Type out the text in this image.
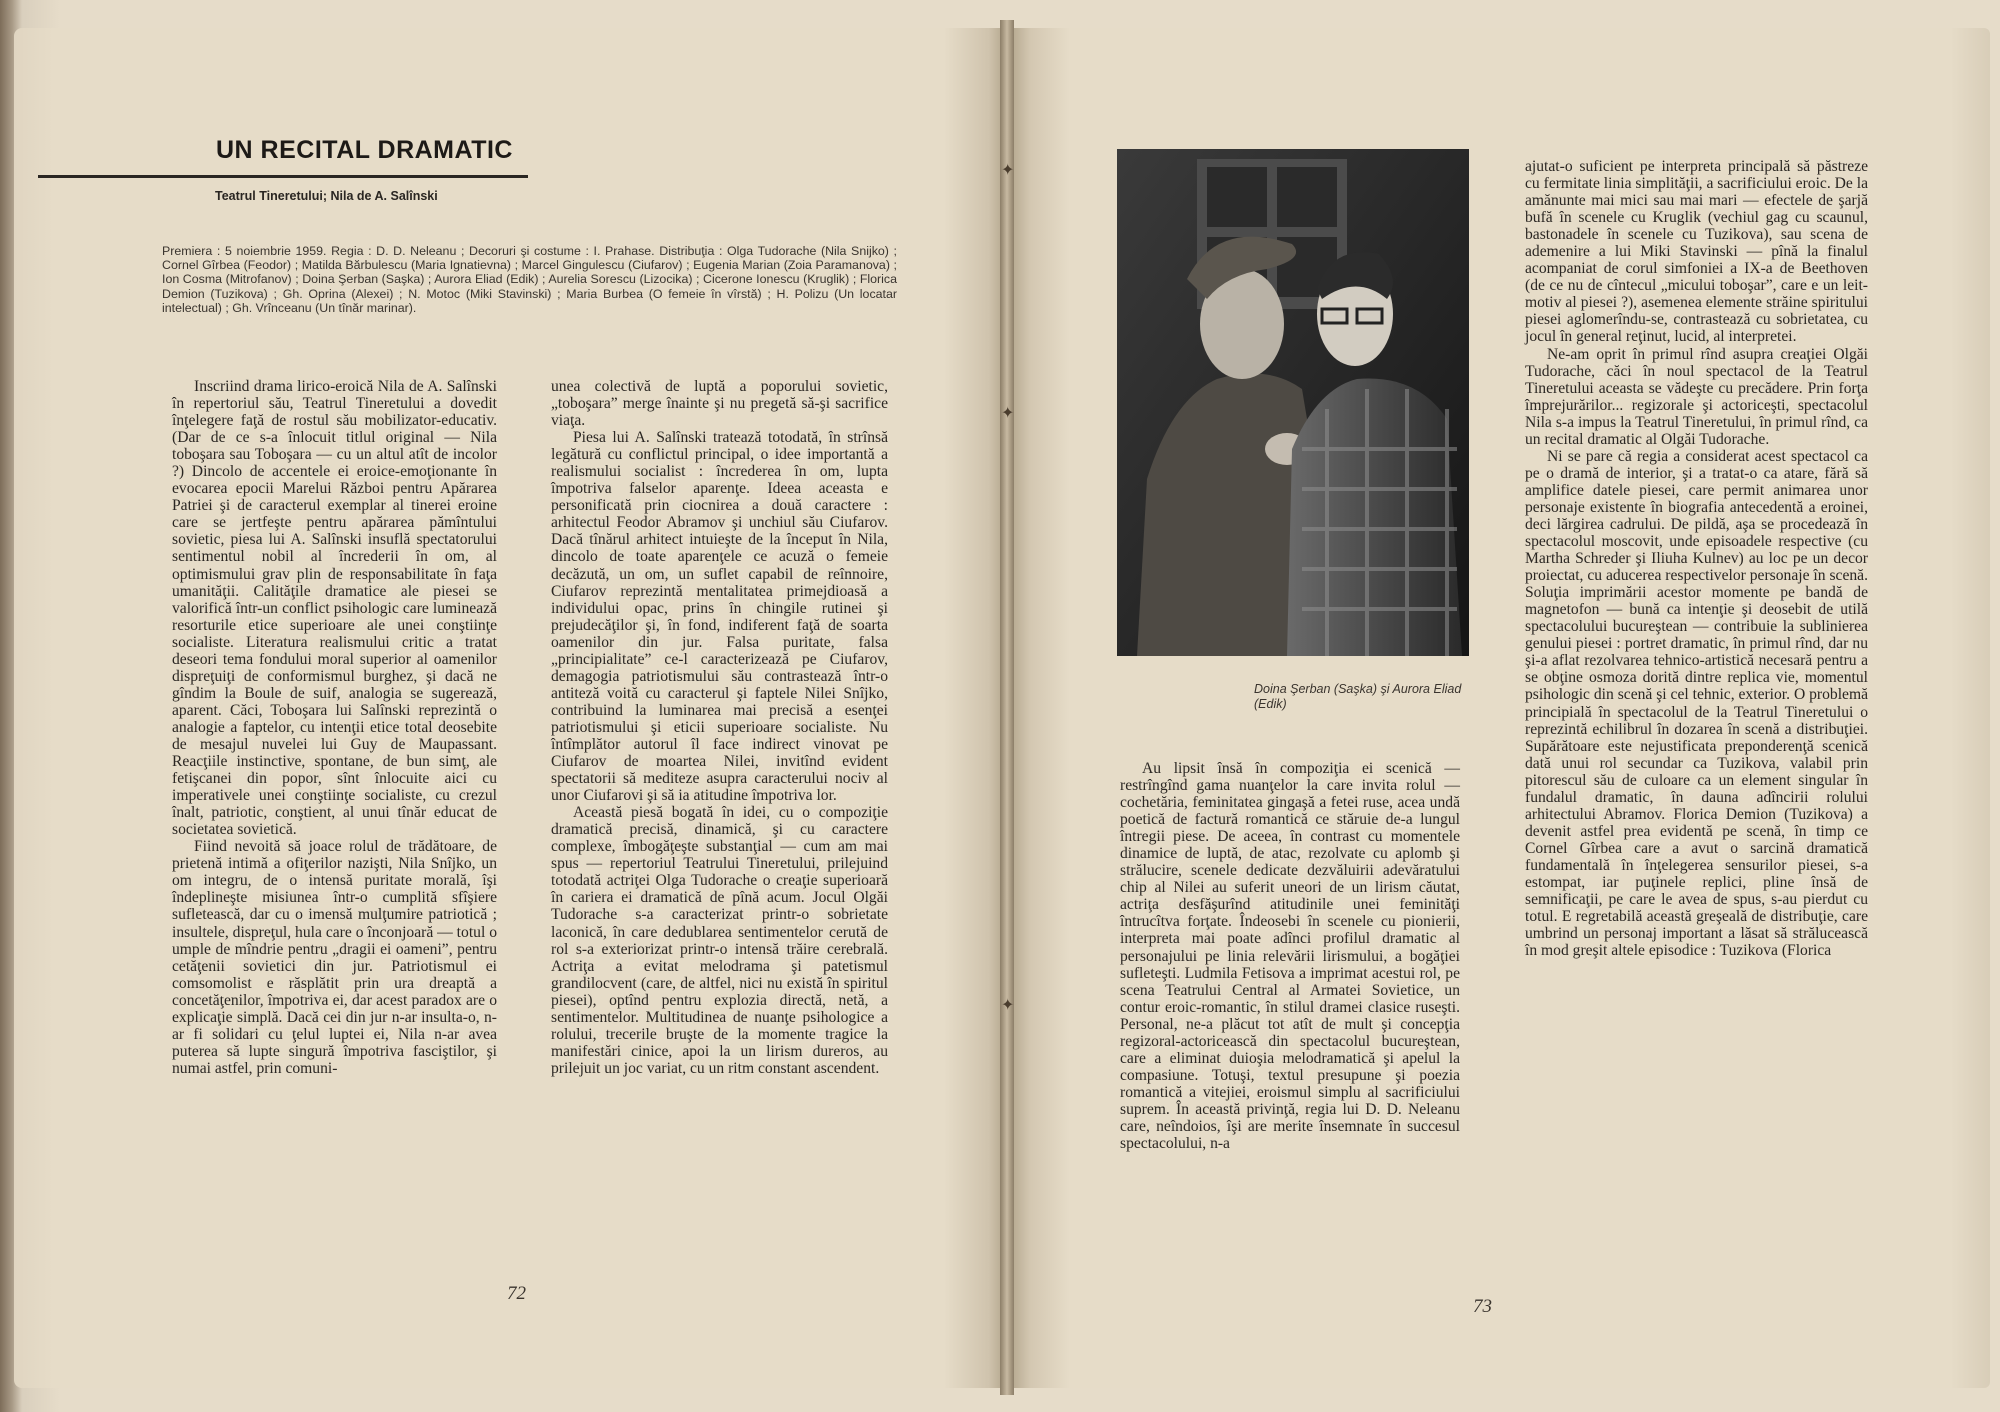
✦
✦
✦
UN RECITAL DRAMATIC
Teatrul Tineretului; Nila de A. Salînski
Premiera : 5 noiembrie 1959. Regia : D. D. Neleanu ; Decoruri şi costume : I. Prahase. Distribuţia : Olga Tudorache (Nila Snijko) ; Cornel Gîrbea (Feodor) ; Matilda Bărbulescu (Maria Ignatievna) ; Marcel Gingulescu (Ciufarov) ; Eugenia Marian (Zoia Paramanova) ; Ion Cosma (Mitrofanov) ; Doina Şerban (Saşka) ; Aurora Eliad (Edik) ; Aurelia Sorescu (Lizocika) ; Cicerone Ionescu (Kruglik) ; Florica Demion (Tuzikova) ; Gh. Oprina (Alexei) ; N. Motoc (Miki Stavinski) ; Maria Burbea (O femeie în vîrstă) ; H. Polizu (Un locatar intelectual) ; Gh. Vrînceanu (Un tînăr marinar).

Inscriind drama lirico-eroică Nila de A. Salînski în repertoriul său, Teatrul Tineretului a dovedit înţelegere faţă de rostul său mobilizator-educativ. (Dar de ce s-a înlocuit titlul original — Nila toboşara sau Toboşara — cu un altul atît de incolor ?) Dincolo de accentele ei eroice-emoţionante în evocarea epocii Marelui Război pentru Apărarea Patriei şi de caracterul exemplar al tinerei eroine care se jertfeşte pentru apărarea pămîntului sovietic, piesa lui A. Salînski insuflă spectatorului sentimentul nobil al încrederii în om, al optimismului grav plin de responsabilitate în faţa umanităţii. Calităţile dramatice ale piesei se valorifică într-un conflict psihologic care luminează resorturile etice superioare ale unei conştiinţe socialiste. Literatura realismului critic a tratat deseori tema fondului moral superior al oamenilor dispreţuiţi de conformismul burghez, şi dacă ne gîndim la Boule de suif, analogia se sugerează, aparent. Căci, Toboşara lui Salînski reprezintă o analogie a faptelor, cu intenţii etice total deosebite de mesajul nuvelei lui Guy de Maupassant. Reacţiile instinctive, spontane, de bun simţ, ale fetişcanei din popor, sînt înlocuite aici cu imperativele unei conştiinţe socialiste, cu crezul înalt, patriotic, conştient, al unui tînăr educat de societatea sovietică.

Fiind nevoită să joace rolul de trădătoare, de prietenă intimă a ofiţerilor nazişti, Nila Snîjko, un om integru, de o intensă puritate morală, îşi îndeplineşte misiunea într-o cumplită sfîşiere sufletească, dar cu o imensă mulţumire patriotică ; insultele, dispreţul, hula care o înconjoară — totul o umple de mîndrie pentru „dragii ei oameni”, pentru cetăţenii sovietici din jur. Patriotismul ei comsomolist e răsplătit prin ura dreaptă a concetăţenilor, împotriva ei, dar acest paradox are o explicaţie simplă. Dacă cei din jur n-ar insulta-o, n-ar fi solidari cu ţelul luptei ei, Nila n-ar avea puterea să lupte singură împotriva fasciştilor, şi numai astfel, prin comuni-

unea colectivă de luptă a poporului sovietic, „toboşara” merge înainte şi nu pregetă să-şi sacrifice viaţa.

Piesa lui A. Salînski tratează totodată, în strînsă legătură cu conflictul principal, o idee importantă a realismului socialist : încrederea în om, lupta împotriva falselor aparenţe. Ideea aceasta e personificată prin ciocnirea a două caractere : arhitectul Feodor Abramov şi unchiul său Ciufarov. Dacă tînărul arhitect intuieşte de la început în Nila, dincolo de toate aparenţele ce acuză o femeie decăzută, un om, un suflet capabil de reînnoire, Ciufarov reprezintă mentalitatea primejdioasă a individului opac, prins în chingile rutinei şi prejudecăţilor şi, în fond, indiferent faţă de soarta oamenilor din jur. Falsa puritate, falsa „principialitate” ce-l caracterizează pe Ciufarov, demagogia patriotismului său contrastează într-o antiteză voită cu caracterul şi faptele Nilei Snîjko, contribuind la luminarea mai precisă a esenţei patriotismului şi eticii superioare socialiste. Nu întîmplător autorul îl face indirect vinovat pe Ciufarov de moartea Nilei, invitînd evident spectatorii să mediteze asupra caracterului nociv al unor Ciufarovi şi să ia atitudine împotriva lor.

Această piesă bogată în idei, cu o compoziţie dramatică precisă, dinamică, şi cu caractere complexe, îmbogăţeşte substanţial — cum am mai spus — repertoriul Teatrului Tineretului, prilejuind totodată actriţei Olga Tudorache o creaţie superioară în cariera ei dramatică de pînă acum. Jocul Olgăi Tudorache s-a caracterizat printr-o sobrietate laconică, în care dedublarea sentimentelor cerută de rol s-a exteriorizat printr-o intensă trăire cerebrală. Actriţa a evitat melodrama şi patetismul grandilocvent (care, de altfel, nici nu există în spiritul piesei), optînd pentru explozia directă, netă, a sentimentelor. Multitudinea de nuanţe psihologice a rolului, trecerile bruşte de la momente tragice la manifestări cinice, apoi la un lirism dureros, au prilejuit un joc variat, cu un ritm constant ascendent.

72
Doina Şerban (Saşka) şi Aurora Eliad (Edik)

Au lipsit însă în compoziţia ei scenică — restrîngînd gama nuanţelor la care invita rolul — cochetăria, feminitatea gingaşă a fetei ruse, acea undă poetică de factură romantică ce stăruie de-a lungul întregii piese. De aceea, în contrast cu momentele dinamice de luptă, de atac, rezolvate cu aplomb şi strălucire, scenele dedicate dezvăluirii adevăratului chip al Nilei au suferit uneori de un lirism căutat, actriţa desfăşurînd atitudinile unei feminităţi întrucîtva forţate. Îndeosebi în scenele cu pionierii, interpreta mai poate adînci profilul dramatic al personajului pe linia relevării lirismului, a bogăţiei sufleteşti. Ludmila Fetisova a imprimat acestui rol, pe scena Teatrului Central al Armatei Sovietice, un contur eroic-romantic, în stilul dramei clasice ruseşti. Personal, ne-a plăcut tot atît de mult şi concepţia regizoral-actoricească din spectacolul bucureştean, care a eliminat duioşia melodramatică şi apelul la compasiune. Totuşi, textul presupune şi poezia romantică a vitejiei, eroismul simplu al sacrificiului suprem. În această privinţă, regia lui D. D. Neleanu care, neîndoios, îşi are merite însemnate în succesul spectacolului, n-a

ajutat-o suficient pe interpreta principală să păstreze cu fermitate linia simplităţii, a sacrificiului eroic. De la amănunte mai mici sau mai mari — efectele de şarjă bufă în scenele cu Kruglik (vechiul gag cu scaunul, bastonadele în scenele cu Tuzikova), sau scena de ademenire a lui Miki Stavinski — pînă la finalul acompaniat de corul simfoniei a IX-a de Beethoven (de ce nu de cîntecul „micului toboşar”, care e un leit-motiv al piesei ?), asemenea elemente străine spiritului piesei aglomerîndu-se, contrastează cu sobrietatea, cu jocul în general reţinut, lucid, al interpretei.

Ne-am oprit în primul rînd asupra creaţiei Olgăi Tudorache, căci în noul spectacol de la Teatrul Tineretului aceasta se vădeşte cu precădere. Prin forţa împrejurărilor... regizorale şi actoriceşti, spectacolul Nila s-a impus la Teatrul Tineretului, în primul rînd, ca un recital dramatic al Olgăi Tudorache.

Ni se pare că regia a considerat acest spectacol ca pe o dramă de interior, şi a tratat-o ca atare, fără să amplifice datele piesei, care permit animarea unor personaje existente în biografia antecedentă a eroinei, deci lărgirea cadrului. De pildă, aşa se procedează în spectacolul moscovit, unde episoadele respective (cu Martha Schreder şi Iliuha Kulnev) au loc pe un decor proiectat, cu aducerea respectivelor personaje în scenă. Soluţia imprimării acestor momente pe bandă de magnetofon — bună ca intenţie şi deosebit de utilă spectacolului bucureştean — contribuie la sublinierea genului piesei : portret dramatic, în primul rînd, dar nu şi-a aflat rezolvarea tehnico-artistică necesară pentru a se obţine osmoza dorită dintre replica vie, momentul psihologic din scenă şi cel tehnic, exterior. O problemă principială în spectacolul de la Teatrul Tineretului o reprezintă echilibrul în dozarea în scenă a distribuţiei. Supărătoare este nejustificata preponderenţă scenică dată unui rol secundar ca Tuzikova, valabil prin pitorescul său de culoare ca un element singular în fundalul dramatic, în dauna adîncirii rolului arhitectului Abramov. Florica Demion (Tuzikova) a devenit astfel prea evidentă pe scenă, în timp ce Cornel Gîrbea care a avut o sarcină dramatică fundamentală în înţelegerea sensurilor piesei, s-a estompat, iar puţinele replici, pline însă de semnificaţii, pe care le avea de spus, s-au pierdut cu totul. E regretabilă această greşeală de distribuţie, care umbrind un personaj important a lăsat să strălucească în mod greşit altele episodice : Tuzikova (Florica

73
